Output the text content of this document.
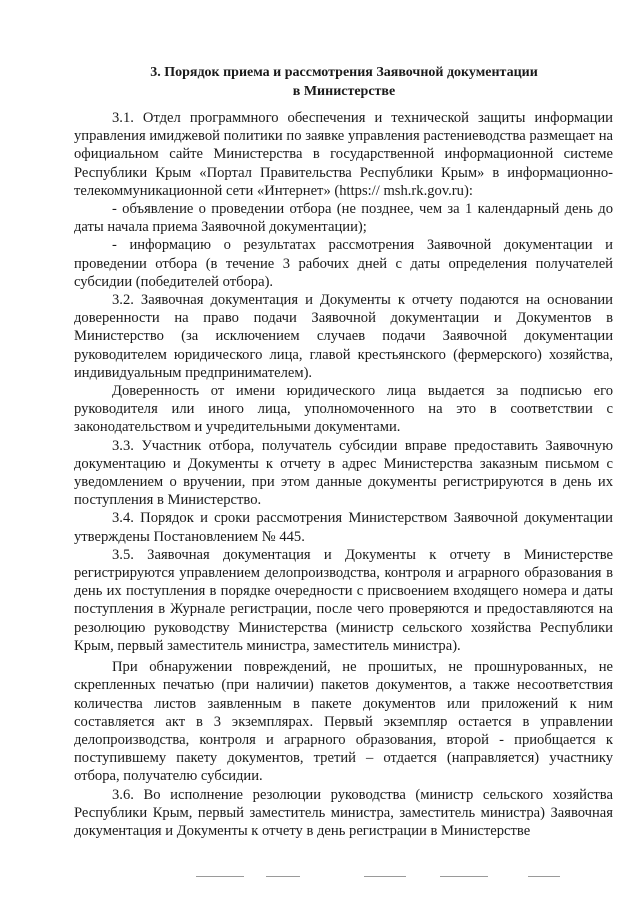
3. Порядок приема и рассмотрения Заявочной документации
в Министерстве

3.1. Отдел программного обеспечения и технической защиты информации управления имиджевой политики по заявке управления растениеводства размещает на официальном сайте Министерства в государственной информационной системе Республики Крым «Портал Правительства Республики Крым» в информационно-телекоммуникационной сети «Интернет» (https:// msh.rk.gov.ru):

- объявление о проведении отбора (не позднее, чем за 1 календарный день до даты начала приема Заявочной документации);

- информацию о результатах рассмотрения Заявочной документации и проведении отбора (в течение 3 рабочих дней с даты определения получателей субсидии (победителей отбора).

3.2. Заявочная документация и Документы к отчету подаются на основании доверенности на право подачи Заявочной документации и Документов в Министерство (за исключением случаев подачи Заявочной документации руководителем юридического лица, главой крестьянского (фермерского) хозяйства, индивидуальным предпринимателем).

Доверенность от имени юридического лица выдается за подписью его руководителя или иного лица, уполномоченного на это в соответствии с законодательством и учредительными документами.

3.3. Участник отбора, получатель субсидии вправе предоставить Заявочную документацию и Документы к отчету в адрес Министерства заказным письмом с уведомлением о вручении, при этом данные документы регистрируются в день их поступления в Министерство.

3.4. Порядок и сроки рассмотрения Министерством Заявочной документации утверждены Постановлением № 445.

3.5. Заявочная документация и Документы к отчету в Министерстве регистрируются управлением делопроизводства, контроля и аграрного образования в день их поступления в порядке очередности с присвоением входящего номера и даты поступления в Журнале регистрации, после чего проверяются и предоставляются на резолюцию руководству Министерства (министр сельского хозяйства Республики Крым, первый заместитель министра, заместитель министра).

При обнаружении повреждений, не прошитых, не прошнурованных, не скрепленных печатью (при наличии) пакетов документов, а также несоответствия количества листов заявленным в пакете документов или приложений к ним составляется акт в 3 экземплярах. Первый экземпляр остается в управлении делопроизводства, контроля и аграрного образования, второй - приобщается к поступившему пакету документов, третий – отдается (направляется) участнику отбора, получателю субсидии.

3.6. Во исполнение резолюции руководства (министр сельского хозяйства Республики Крым, первый заместитель министра, заместитель министра) Заявочная документация и Документы к отчету в день регистрации в Министерстве
